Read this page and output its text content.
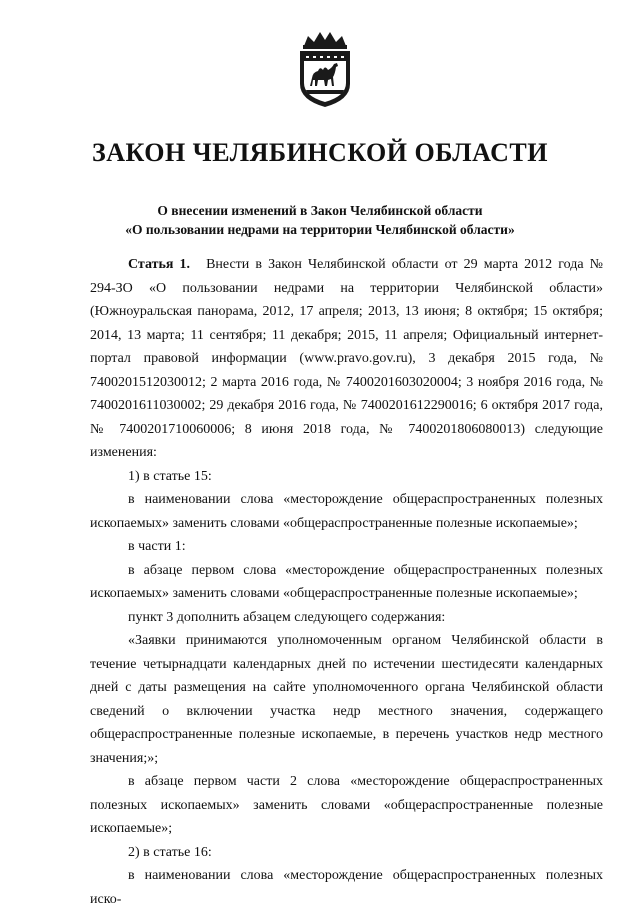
ЗАКОН ЧЕЛЯБИНСКОЙ ОБЛАСТИ

О внесении изменений в Закон Челябинской области

«О пользовании недрами на территории Челябинской области»

Статья 1. Внести в Закон Челябинской области от 29 марта 2012 года № 294-ЗО «О пользовании недрами на территории Челябинской области» (Южноуральская панорама, 2012, 17 апреля; 2013, 13 июня; 8 октября; 15 октября; 2014, 13 марта; 11 сентября; 11 декабря; 2015, 11 апреля; Официальный интернет-портал правовой информации (www.pravo.gov.ru), 3 декабря 2015 года, № 7400201512030012; 2 марта 2016 года, № 7400201603020004; 3 ноября 2016 года, № 7400201611030002; 29 декабря 2016 года, № 7400201612290016; 6 октября 2017 года, № 7400201710060006; 8 июня 2018 года, № 7400201806080013) следующие изменения:

1) в статье 15:

в наименовании слова «месторождение общераспространенных полезных ископаемых» заменить словами «общераспространенные полезные ископаемые»;

в части 1:

в абзаце первом слова «месторождение общераспространенных полезных ископаемых» заменить словами «общераспространенные полезные ископаемые»;

пункт 3 дополнить абзацем следующего содержания:

«Заявки принимаются уполномоченным органом Челябинской области в течение четырнадцати календарных дней по истечении шестидесяти календарных дней с даты размещения на сайте уполномоченного органа Челябинской области сведений о включении участка недр местного значения, содержащего общераспространенные полезные ископаемые, в перечень участков недр местного значения;»;

в абзаце первом части 2 слова «месторождение общераспространенных полезных ископаемых» заменить словами «общераспространенные полезные ископаемые»;

2) в статье 16:

в наименовании слова «месторождение общераспространенных полезных иско-
